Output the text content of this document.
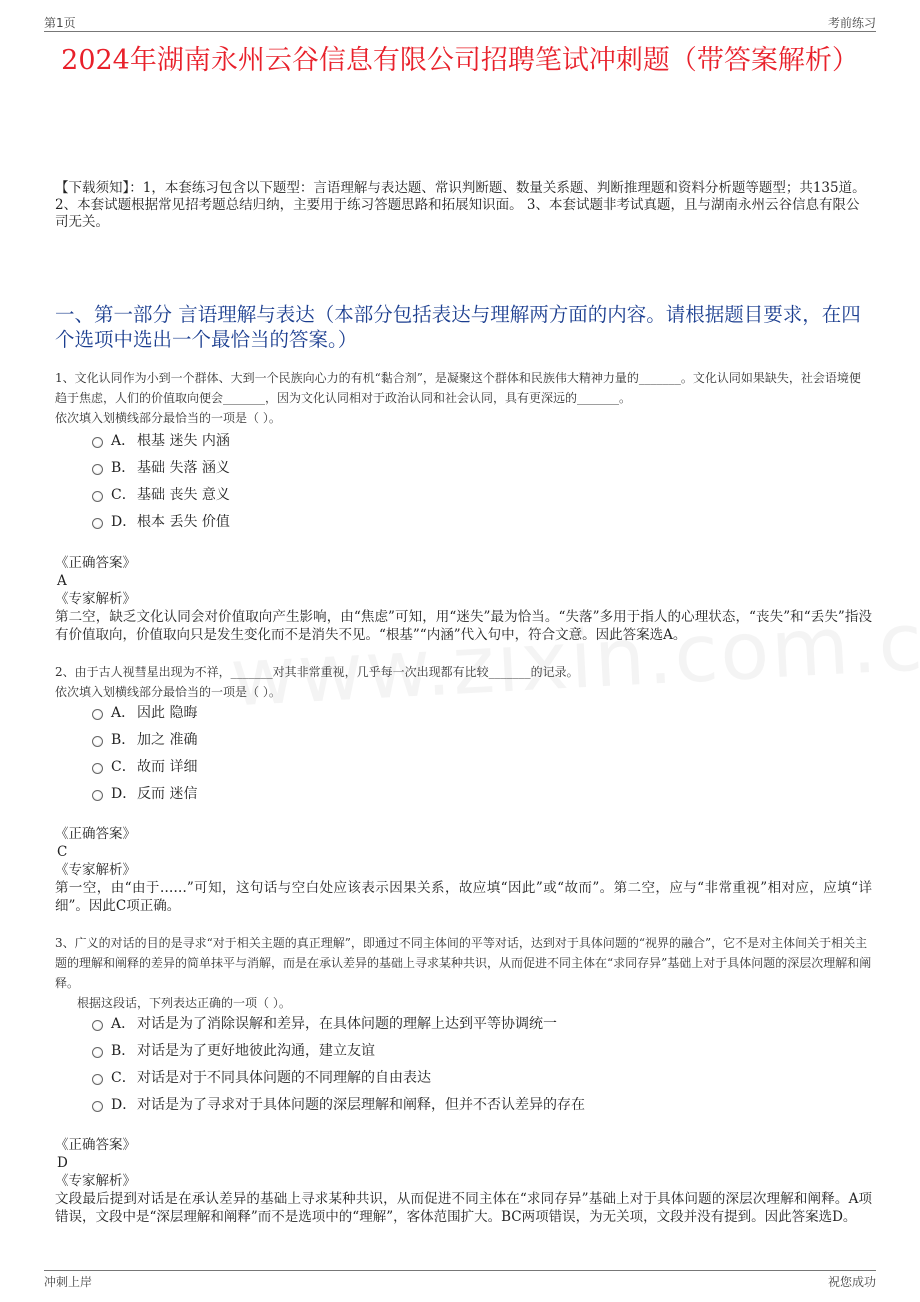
第1页	考前练习
2024年湖南永州云谷信息有限公司招聘笔试冲刺题（带答案解析）
【下载须知】：1，本套练习包含以下题型：言语理解与表达题、常识判断题、数量关系题、判断推理题和资料分析题等题型；共135道。 2、本套试题根据常见招考题总结归纳，主要用于练习答题思路和拓展知识面。 3、本套试题非考试真题，且与湖南永州云谷信息有限公司无关。
一、第一部分 言语理解与表达（本部分包括表达与理解两方面的内容。请根据题目要求，在四个选项中选出一个最恰当的答案。）
1、文化认同作为小到一个群体、大到一个民族向心力的有机“黏合剂”，是凝聚这个群体和民族伟大精神力量的_______。文化认同如果缺失，社会语境便趋于焦虑，人们的价值取向便会_______，因为文化认同相对于政治认同和社会认同，具有更深远的_______。
依次填入划横线部分最恰当的一项是（ ）。
A． 根基 迷失 内涵
B． 基础 失落 涵义
C． 基础 丧失 意义
D． 根本 丢失 价值
《正确答案》
A
《专家解析》
第二空，缺乏文化认同会对价值取向产生影响，由“焦虑”可知，用“迷失”最为恰当。“失落”多用于指人的心理状态，“丧失”和“丢失”指没有价值取向，价值取向只是发生变化而不是消失不见。“根基”“内涵”代入句中，符合文意。因此答案选A。
2、由于古人视彗星出现为不祥，_______对其非常重视，几乎每一次出现都有比较_______的记录。
依次填入划横线部分最恰当的一项是（ ）。
A． 因此 隐晦
B． 加之 准确
C． 故而 详细
D． 反而 迷信
《正确答案》
C
《专家解析》
第一空，由“由于……”可知，这句话与空白处应该表示因果关系，故应填“因此”或“故而”。第二空，应与“非常重视”相对应，应填“详细”。因此C项正确。
3、广义的对话的目的是寻求“对于相关主题的真正理解”，即通过不同主体间的平等对话，达到对于具体问题的“视界的融合”，它不是对主体间关于相关主题的理解和阐释的差异的简单抹平与消解，而是在承认差异的基础上寻求某种共识，从而促进不同主体在“求同存异”基础上对于具体问题的深层次理解和阐释。
根据这段话，下列表达正确的一项（ ）。
A． 对话是为了消除误解和差异，在具体问题的理解上达到平等协调统一
B． 对话是为了更好地彼此沟通，建立友谊
C． 对话是对于不同具体问题的不同理解的自由表达
D． 对话是为了寻求对于具体问题的深层理解和阐释，但并不否认差异的存在
《正确答案》
D
《专家解析》
文段最后提到对话是在承认差异的基础上寻求某种共识，从而促进不同主体在“求同存异”基础上对于具体问题的深层次理解和阐释。A项错误，文段中是“深层理解和阐释”而不是选项中的“理解”，客体范围扩大。BC两项错误，为无关项，文段并没有提到。因此答案选D。
冲刺上岸	祝您成功
